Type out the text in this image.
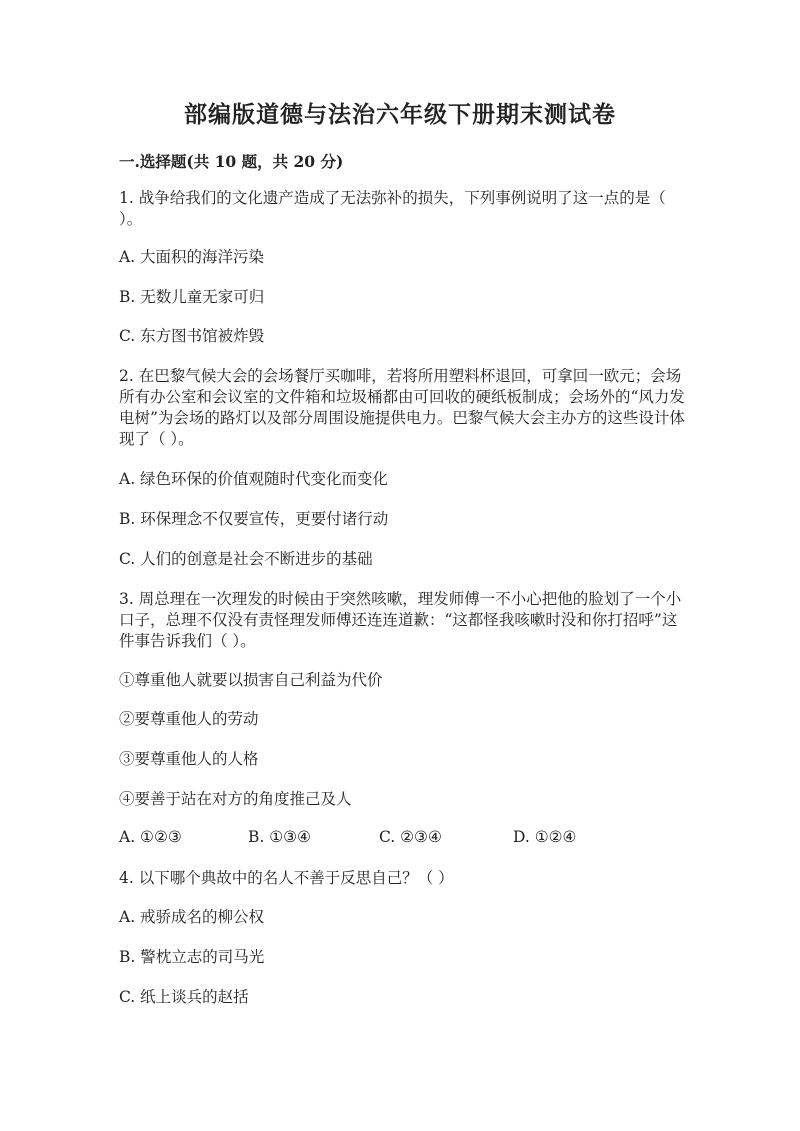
部编版道德与法治六年级下册期末测试卷
一.选择题(共 10 题，共 20 分)
1. 战争给我们的文化遗产造成了无法弥补的损失，下列事例说明了这一点的是（ ）。
A. 大面积的海洋污染
B. 无数儿童无家可归
C. 东方图书馆被炸毁
2. 在巴黎气候大会的会场餐厅买咖啡，若将所用塑料杯退回，可拿回一欧元；会场所有办公室和会议室的文件箱和垃圾桶都由可回收的硬纸板制成；会场外的“风力发电树”为会场的路灯以及部分周围设施提供电力。巴黎气候大会主办方的这些设计体现了（ ）。
A. 绿色环保的价值观随时代变化而变化
B. 环保理念不仅要宣传，更要付诸行动
C. 人们的创意是社会不断进步的基础
3. 周总理在一次理发的时候由于突然咳嗽，理发师傅一不小心把他的脸划了一个小口子，总理不仅没有责怪理发师傅还连连道歉：“这都怪我咳嗽时没和你打招呼”这件事告诉我们（ ）。
①尊重他人就要以损害自己利益为代价
②要尊重他人的劳动
③要尊重他人的人格
④要善于站在对方的角度推己及人
A. ①②③	B. ①③④	C. ②③④	D. ①②④
4. 以下哪个典故中的名人不善于反思自己？（ ）
A. 戒骄成名的柳公权
B. 警枕立志的司马光
C. 纸上谈兵的赵括
